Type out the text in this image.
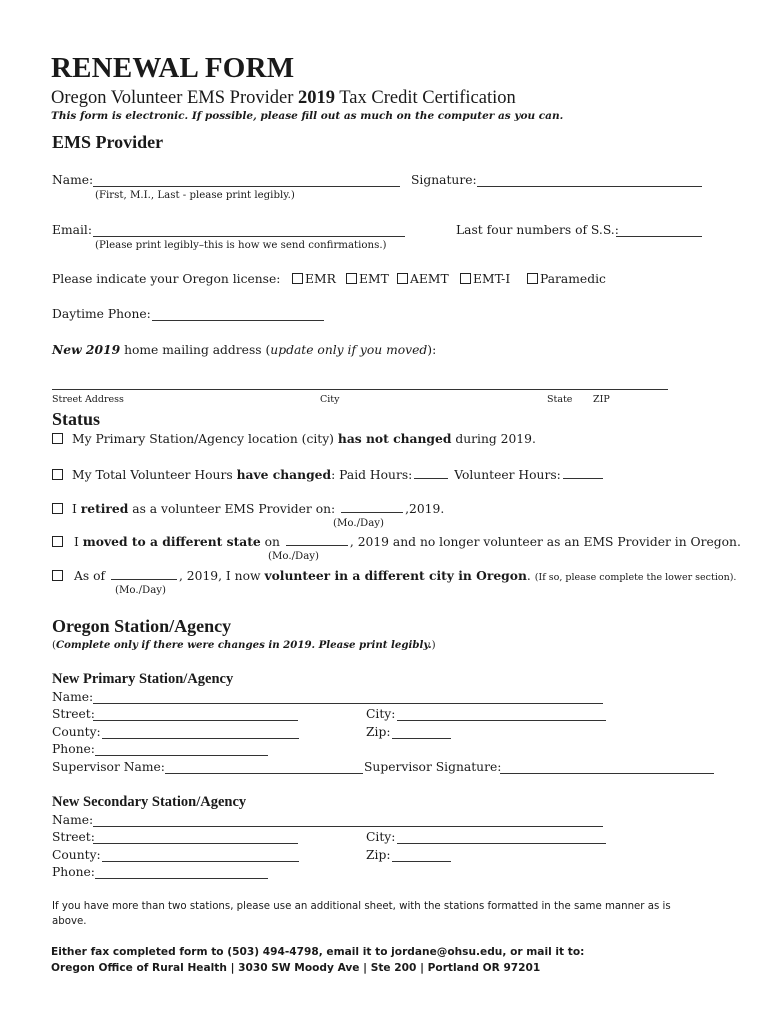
RENEWAL FORM
Oregon Volunteer EMS Provider 2019 Tax Credit Certification
This form is electronic. If possible, please fill out as much on the computer as you can.
EMS Provider
Name:
(First, M.I., Last - please print legibly.)
Signature:
Email:
(Please print legibly–this is how we send confirmations.)
Last four numbers of S.S.:
Please indicate your Oregon license:	EMR	EMT	AEMT	EMT-I	Paramedic
Daytime Phone:
New 2019 home mailing address (update only if you moved):
Street Address	City	State ZIP
Status
My Primary Station/Agency location (city) has not changed during 2019.
My Total Volunteer Hours have changed: Paid Hours:	Volunteer Hours:
I retired as a volunteer EMS Provider on:	,2019.
(Mo./Day)
I moved to a different state on	, 2019 and no longer volunteer as an EMS Provider in Oregon.
(Mo./Day)
As of	, 2019, I now volunteer in a different city in Oregon. (If so, please complete the lower section).
(Mo./Day)
Oregon Station/Agency
(Complete only if there were changes in 2019. Please print legibly.)
New Primary Station/Agency
Name:
Street:	City:
County:	Zip:
Phone:
Supervisor Name:	Supervisor Signature:
New Secondary Station/Agency
Name:
Street:	City:
County:	Zip:
Phone:
If you have more than two stations, please use an additional sheet, with the stations formatted in the same manner as is above.
Either fax completed form to (503) 494-4798, email it to jordane@ohsu.edu, or mail it to:
Oregon Office of Rural Health | 3030 SW Moody Ave | Ste 200 | Portland OR 97201
